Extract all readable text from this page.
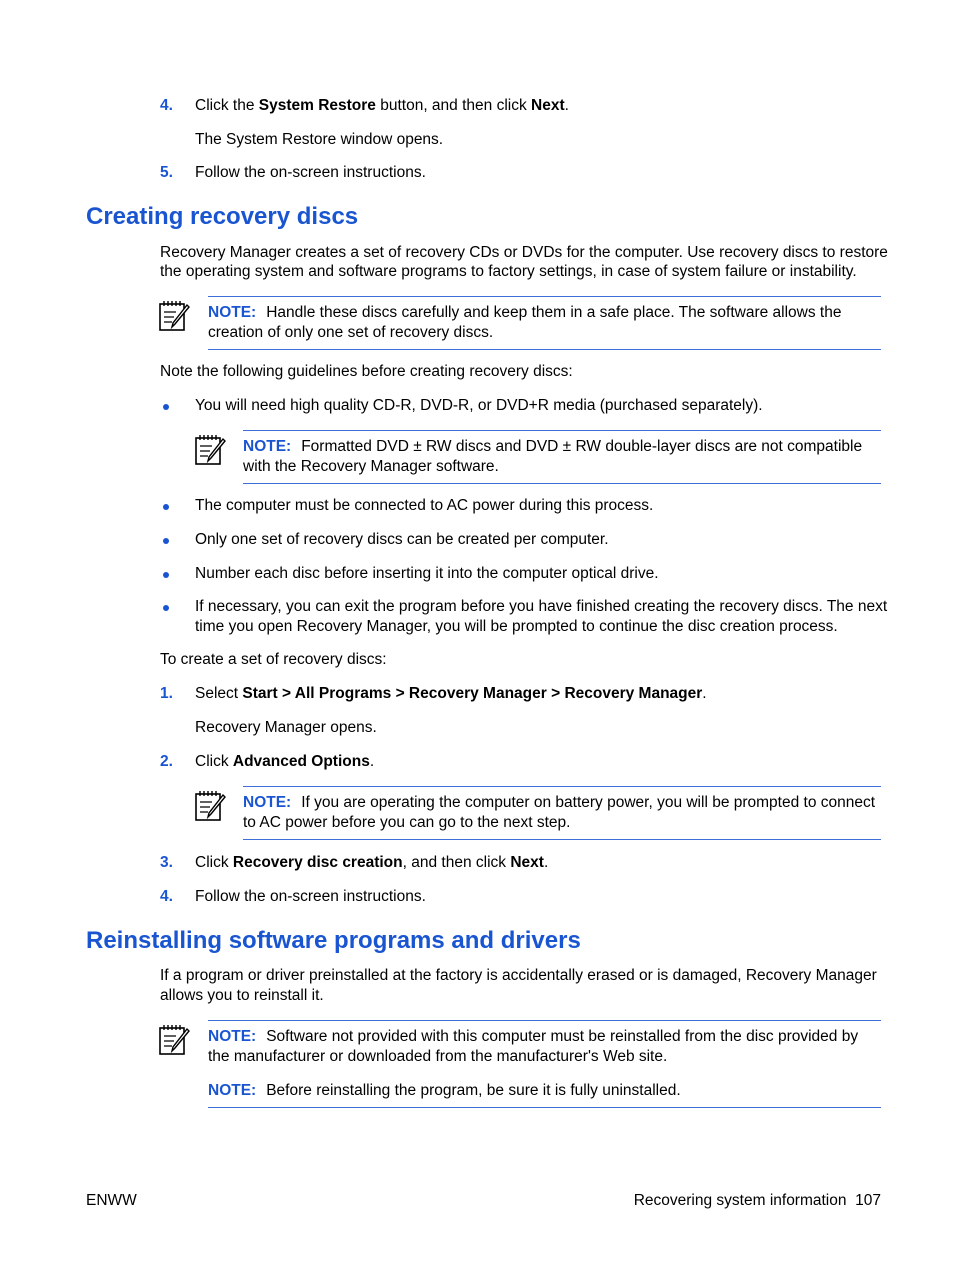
4. Click the System Restore button, and then click Next.
The System Restore window opens.
5. Follow the on-screen instructions.
Creating recovery discs
Recovery Manager creates a set of recovery CDs or DVDs for the computer. Use recovery discs to restore
the operating system and software programs to factory settings, in case of system failure or instability.
NOTE: Handle these discs carefully and keep them in a safe place. The software allows the
creation of only one set of recovery discs.
Note the following guidelines before creating recovery discs:
You will need high quality CD-R, DVD-R, or DVD+R media (purchased separately).
NOTE: Formatted DVD ± RW discs and DVD ± RW double-layer discs are not compatible
with the Recovery Manager software.
The computer must be connected to AC power during this process.
Only one set of recovery discs can be created per computer.
Number each disc before inserting it into the computer optical drive.
If necessary, you can exit the program before you have finished creating the recovery discs. The next
time you open Recovery Manager, you will be prompted to continue the disc creation process.
To create a set of recovery discs:
1. Select Start > All Programs > Recovery Manager > Recovery Manager.
Recovery Manager opens.
2. Click Advanced Options.
NOTE: If you are operating the computer on battery power, you will be prompted to connect
to AC power before you can go to the next step.
3. Click Recovery disc creation, and then click Next.
4. Follow the on-screen instructions.
Reinstalling software programs and drivers
If a program or driver preinstalled at the factory is accidentally erased or is damaged, Recovery Manager
allows you to reinstall it.
NOTE: Software not provided with this computer must be reinstalled from the disc provided by
the manufacturer or downloaded from the manufacturer's Web site.
NOTE: Before reinstalling the program, be sure it is fully uninstalled.
ENWW	Recovering system information 107
